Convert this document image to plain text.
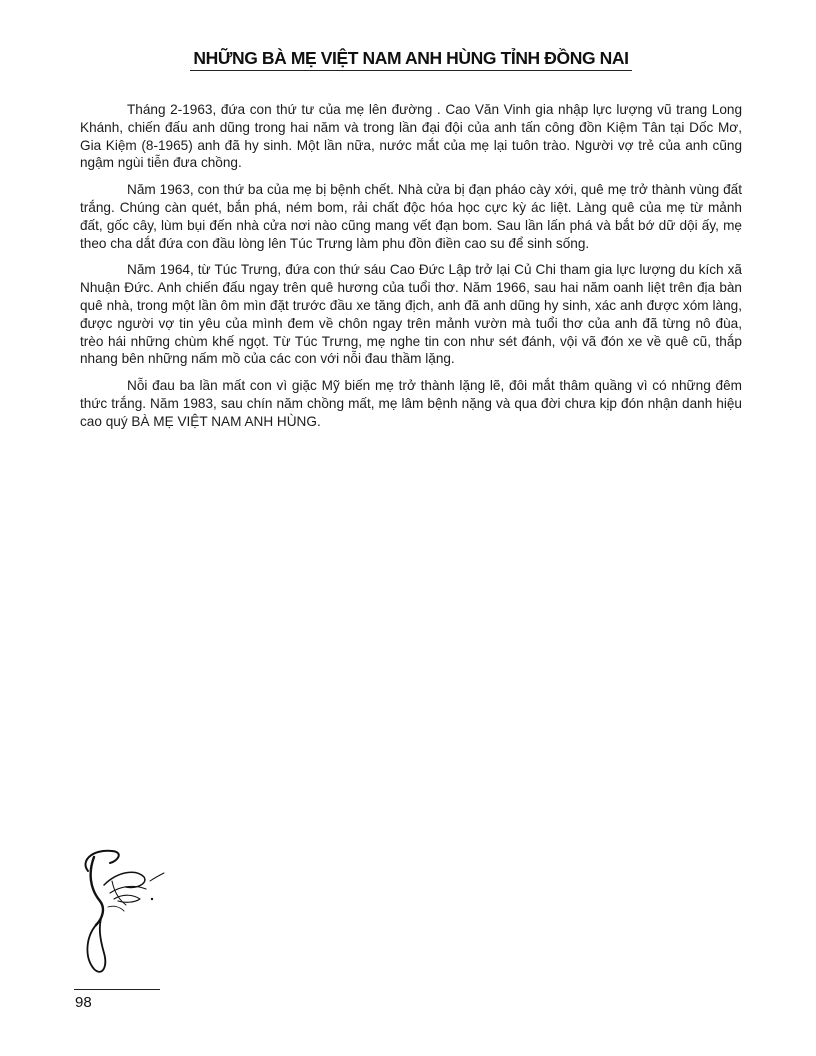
NHỮNG BÀ MẸ VIỆT NAM ANH HÙNG TỈNH ĐỒNG NAI

Tháng 2-1963, đứa con thứ tư của mẹ lên đường . Cao Văn Vinh gia nhập lực lượng vũ trang Long Khánh, chiến đấu anh dũng trong hai năm và trong lần đại đội của anh tấn công đồn Kiệm Tân tại Dốc Mơ, Gia Kiệm (8-1965) anh đã hy sinh. Một lần nữa, nước mắt của mẹ lại tuôn trào. Người vợ trẻ của anh cũng ngậm ngùi tiễn đưa chồng.

Năm 1963, con thứ ba của mẹ bị bệnh chết. Nhà cửa bị đạn pháo cày xới, quê mẹ trở thành vùng đất trắng. Chúng càn quét, bắn phá, ném bom, rải chất độc hóa học cực kỳ ác liệt. Làng quê của mẹ từ mảnh đất, gốc cây, lùm bụi đến nhà cửa nơi nào cũng mang vết đạn bom. Sau lần lấn phá và bắt bớ dữ dội ấy, mẹ theo cha dắt đứa con đầu lòng lên Túc Trưng làm phu đồn điền cao su để sinh sống.

Năm 1964, từ Túc Trưng, đứa con thứ sáu Cao Đức Lập trở lại Củ Chi tham gia lực lượng du kích xã Nhuận Đức. Anh chiến đấu ngay trên quê hương của tuổi thơ. Năm 1966, sau hai năm oanh liệt trên địa bàn quê nhà, trong một lần ôm mìn đặt trước đầu xe tăng địch, anh đã anh dũng hy sinh, xác anh được xóm làng, được người vợ tin yêu của mình đem về chôn ngay trên mảnh vườn mà tuổi thơ của anh đã từng nô đùa, trèo hái những chùm khế ngọt. Từ Túc Trưng, mẹ nghe tin con như sét đánh, vội vã đón xe về quê cũ, thắp nhang bên những nấm mồ của các con với nỗi đau thầm lặng.

Nỗi đau ba lần mất con vì giặc Mỹ biến mẹ trở thành lặng lẽ, đôi mắt thâm quầng vì có những đêm thức trắng. Năm 1983, sau chín năm chồng mất, mẹ lâm bệnh nặng và qua đời chưa kịp đón nhận danh hiệu cao quý BÀ MẸ VIỆT NAM ANH HÙNG.

98
